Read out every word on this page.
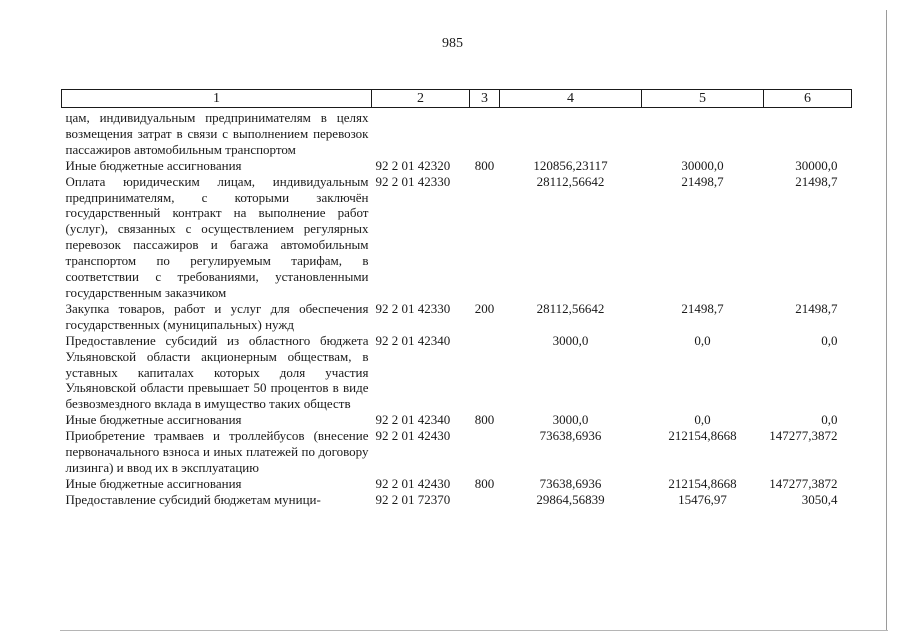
985
1	2	3	4	5	6
цам, индивидуальным предпринимателям в целях возмещения затрат в связи с выполнением перевозок пассажиров автомобильным транспортом					
Иные бюджетные ассигнования	92 2 01 42320	800	120856,23117	30000,0	30000,0
Оплата юридическим лицам, индивидуальным предпринимателям, с которыми заключён государственный контракт на выполнение работ (услуг), связанных с осуществлением регулярных перевозок пассажиров и багажа автомобильным транспортом по регулируемым тарифам, в соответствии с требованиями, установленными государственным заказчиком	92 2 01 42330		28112,56642	21498,7	21498,7
Закупка товаров, работ и услуг для обеспечения государственных (муниципальных) нужд	92 2 01 42330	200	28112,56642	21498,7	21498,7
Предоставление субсидий из областного бюджета Ульяновской области акционерным обществам, в уставных капиталах которых доля участия Ульяновской области превышает 50 процентов в виде безвозмездного вклада в имущество таких обществ	92 2 01 42340		3000,0	0,0	0,0
Иные бюджетные ассигнования	92 2 01 42340	800	3000,0	0,0	0,0
Приобретение трамваев и троллейбусов (внесение первоначального взноса и иных платежей по договору лизинга) и ввод их в эксплуатацию	92 2 01 42430		73638,6936	212154,8668	147277,3872
Иные бюджетные ассигнования	92 2 01 42430	800	73638,6936	212154,8668	147277,3872
Предоставление субсидий бюджетам муници-	92 2 01 72370		29864,56839	15476,97	3050,4
